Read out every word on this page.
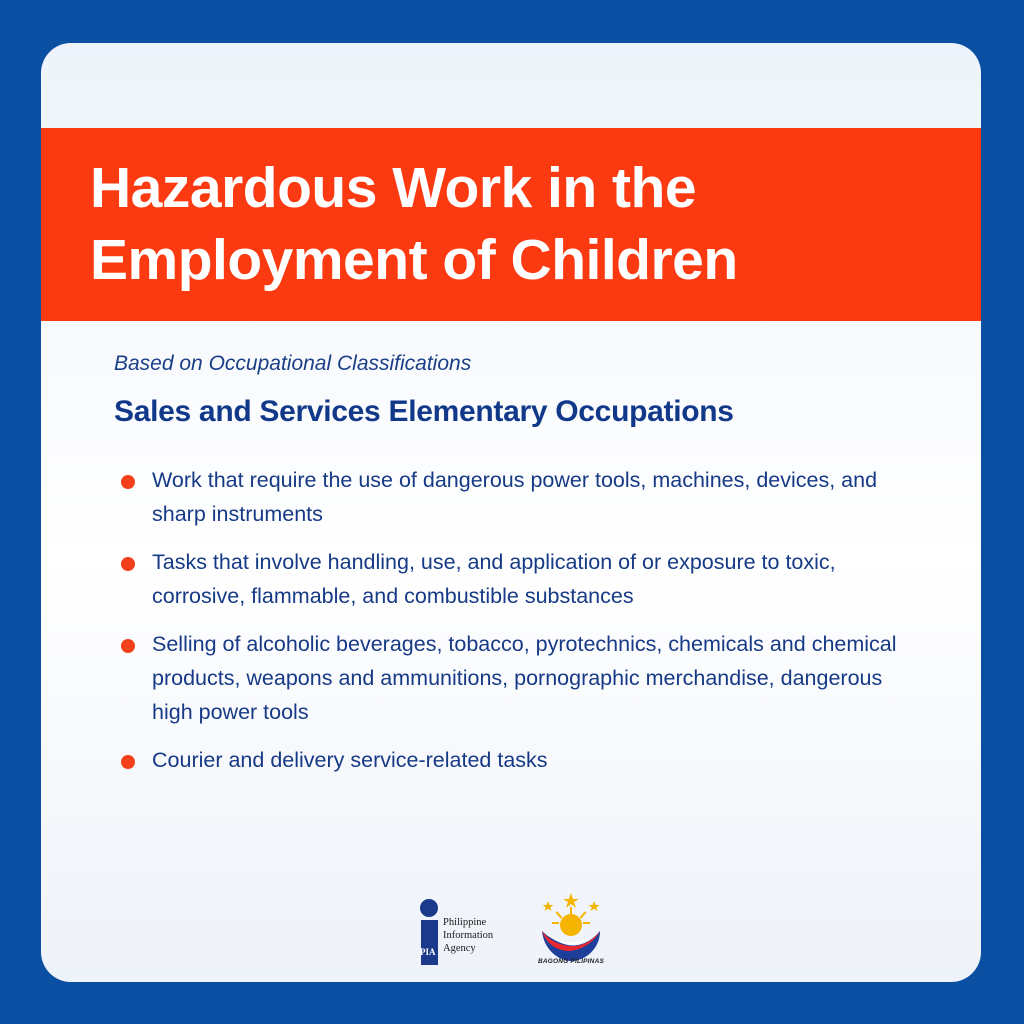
Hazardous Work in the Employment of Children

Based on Occupational Classifications

Sales and Services Elementary Occupations
Work that require the use of dangerous power tools, machines, devices, and sharp instruments
Tasks that involve handling, use, and application of or exposure to toxic, corrosive, flammable, and combustible substances
Selling of alcoholic beverages, tobacco, pyrotechnics, chemicals and chemical products, weapons and ammunitions, pornographic merchandise, dangerous high power tools
Courier and delivery service-related tasks
PIA
Philippine
Information
Agency
BAGONG PILIPINAS
